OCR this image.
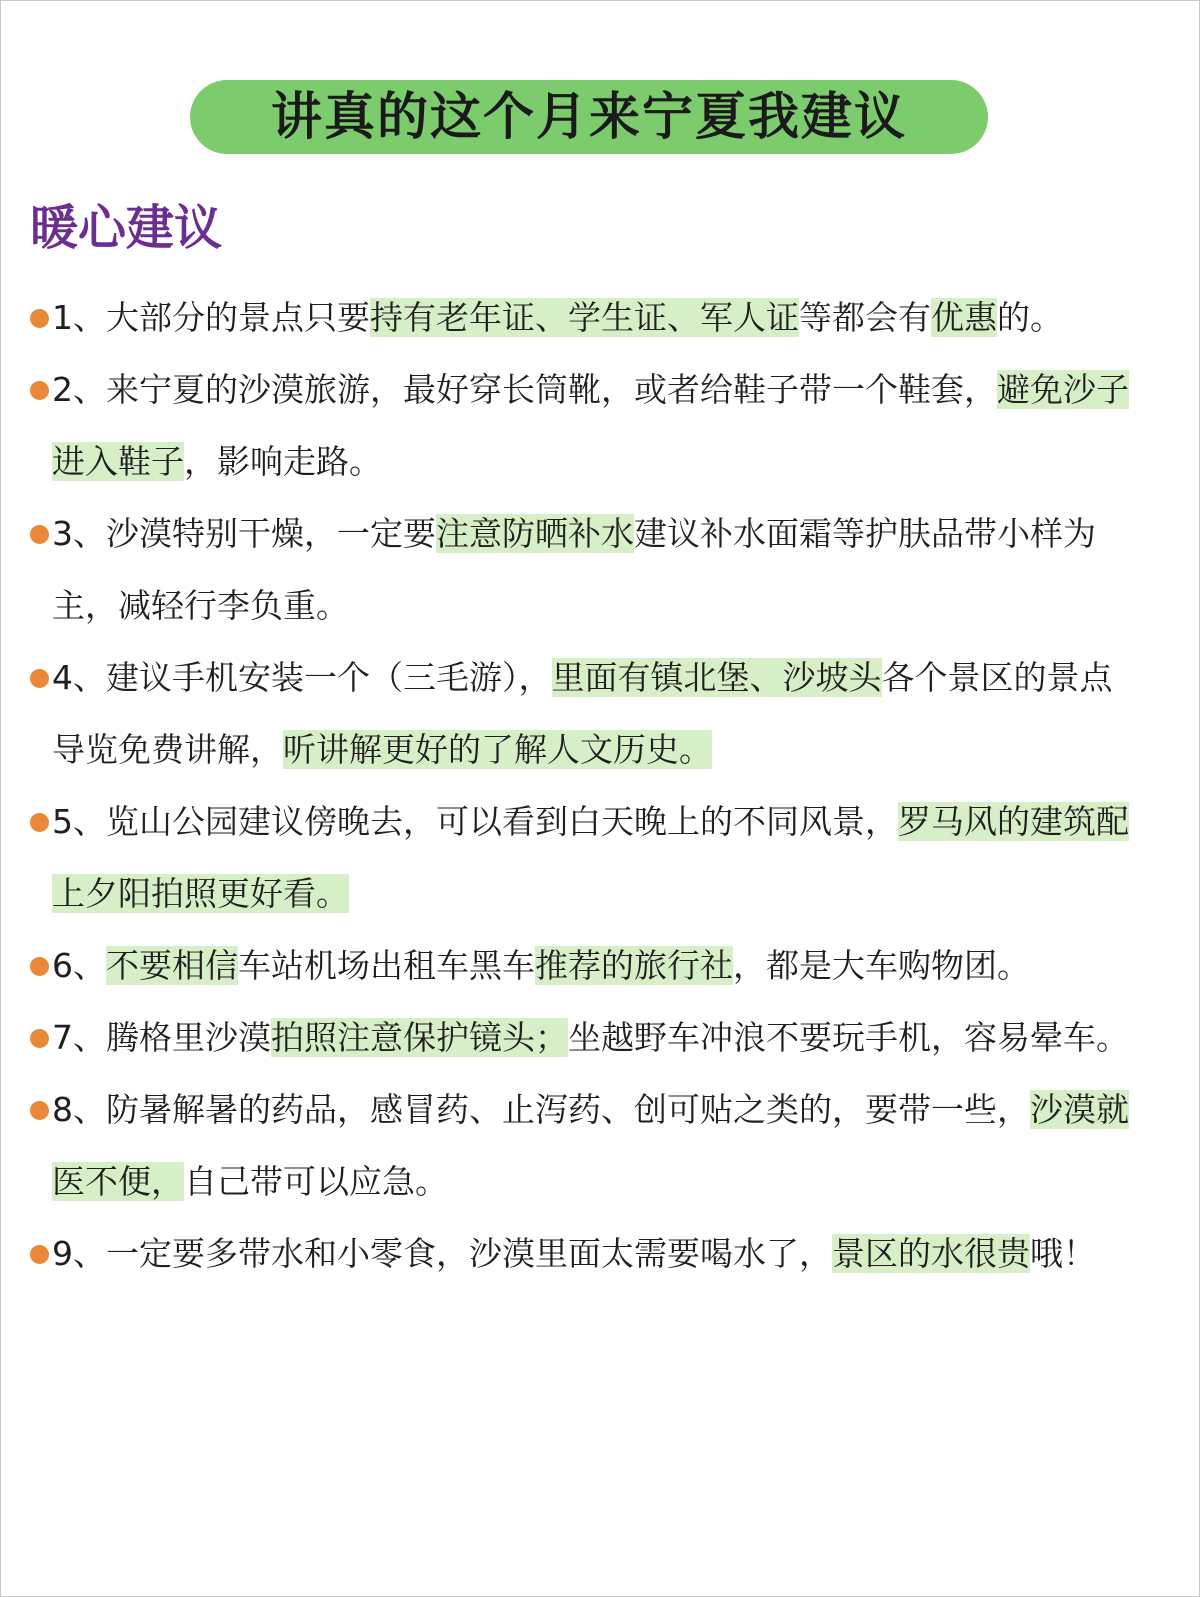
讲真的这个月来宁夏我建议
暖心建议
1、大部分的景点只要持有老年证、学生证、军人证等都会有优惠的。
2、来宁夏的沙漠旅游，最好穿长筒靴，或者给鞋子带一个鞋套，避免沙子进入鞋子，影响走路。
3、沙漠特别干燥，一定要注意防晒补水建议补水面霜等护肤品带小样为主，减轻行李负重。
4、建议手机安装一个（三毛游），里面有镇北堡、沙坡头各个景区的景点导览免费讲解，听讲解更好的了解人文历史。
5、览山公园建议傍晚去，可以看到白天晚上的不同风景，罗马风的建筑配上夕阳拍照更好看。
6、不要相信车站机场出租车黑车推荐的旅行社，都是大车购物团。
7、腾格里沙漠拍照注意保护镜头；坐越野车冲浪不要玩手机，容易晕车。
8、防暑解暑的药品，感冒药、止泻药、创可贴之类的，要带一些，沙漠就医不便，自己带可以应急。
9、一定要多带水和小零食，沙漠里面太需要喝水了，景区的水很贵哦！
